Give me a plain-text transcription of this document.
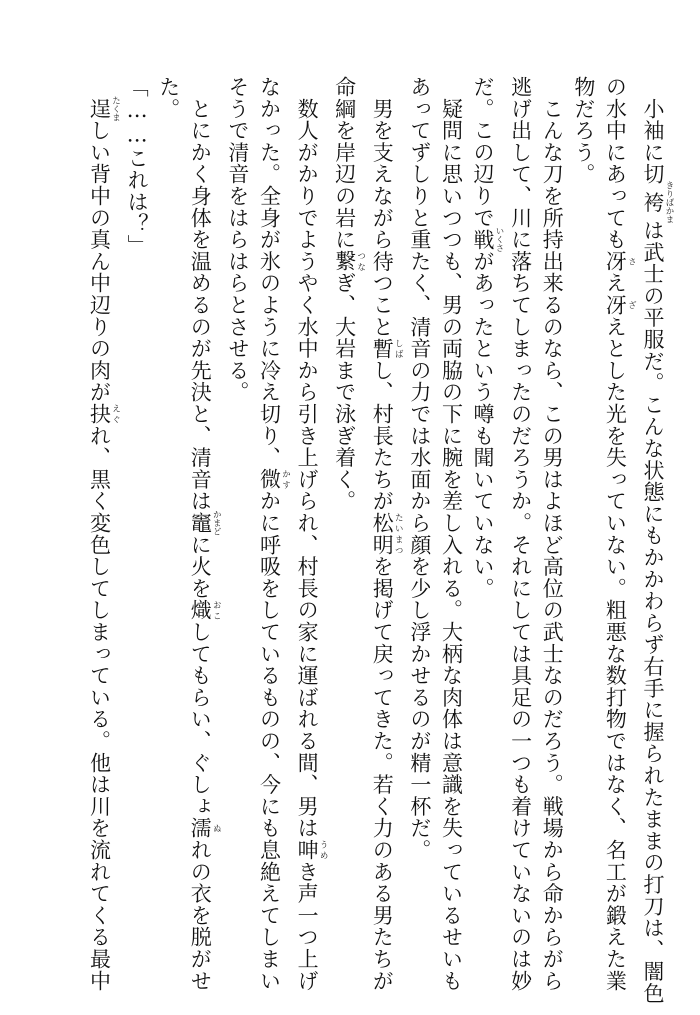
　小袖に切袴 きりばかまは武士の平服だ。こんな状態にもかかわらず右手に握られたままの打刀は、闇色

の水中にあっても冴 さえ冴 ざえとした光を失っていない。粗悪な数打物ではなく、名工が鍛えた業

物だろう。

　こんな刀を所持出来るのなら、この男はよほど高位の武士なのだろう。戦場から命からがら

逃げ出して、川に落ちてしまったのだろうか。それにしては具足の一つも着けていないのは妙

だ。この辺りで戦 いくさがあったという噂も聞いていない。

　疑問に思いつつも、男の両脇の下に腕を差し入れる。大柄な肉体は意識を失っているせいも

あってずしりと重たく、清音の力では水面から顔を少し浮かせるのが精一杯だ。

　男を支えながら待つこと暫 しばし、村長たちが松明 たいまつを掲げて戻ってきた。若く力のある男たちが

命綱を岸辺の岩に繋 つなぎ、大岩まで泳ぎ着く。

　数人がかりでようやく水中から引き上げられ、村長の家に運ばれる間、男は呻 うめき声一つ上げ

なかった。全身が氷のように冷え切り、微 かすかに呼吸をしているものの、今にも息絶えてしまい

そうで清音をはらはらとさせる。

　とにかく身体を温めるのが先決と、清音は竈 かまどに火を熾 おこしてもらい、ぐしょ濡 ぬれの衣を脱がせ

た。

「……これは？」

　逞 たくましい背中の真ん中辺りの肉が抉 えぐれ、黒く変色してしまっている。他は川を流れてくる最中
